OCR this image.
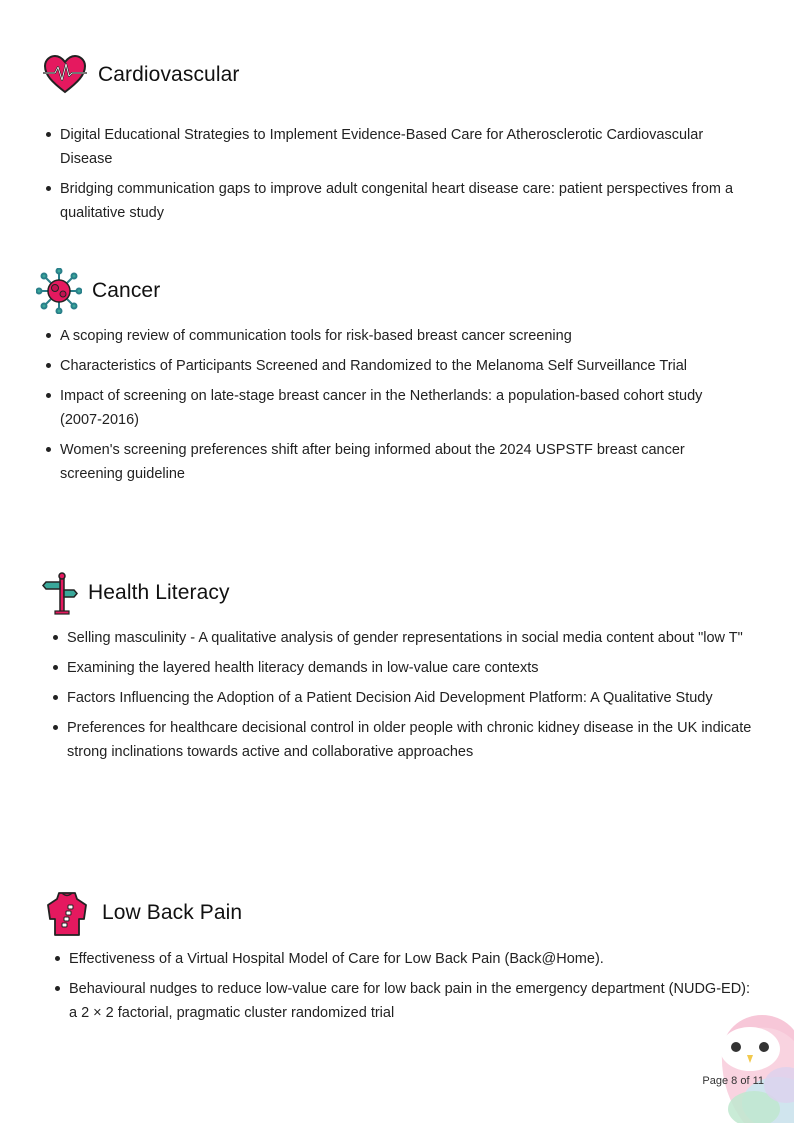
Cardiovascular
Digital Educational Strategies to Implement Evidence-Based Care for Atherosclerotic Cardiovascular Disease
Bridging communication gaps to improve adult congenital heart disease care: patient perspectives from a qualitative study
Cancer
A scoping review of communication tools for risk-based breast cancer screening
Characteristics of Participants Screened and Randomized to the Melanoma Self Surveillance Trial
Impact of screening on late-stage breast cancer in the Netherlands: a population-based cohort study (2007-2016)
Women's screening preferences shift after being informed about the 2024 USPSTF breast cancer screening guideline
Health Literacy
Selling masculinity - A qualitative analysis of gender representations in social media content about "low T"
Examining the layered health literacy demands in low-value care contexts
Factors Influencing the Adoption of a Patient Decision Aid Development Platform: A Qualitative Study
Preferences for healthcare decisional control in older people with chronic kidney disease in the UK indicate strong inclinations towards active and collaborative approaches
Low Back Pain
Effectiveness of a Virtual Hospital Model of Care for Low Back Pain (Back@Home).
Behavioural nudges to reduce low-value care for low back pain in the emergency department (NUDG-ED): a 2 × 2 factorial, pragmatic cluster randomized trial
Page 8 of 11
